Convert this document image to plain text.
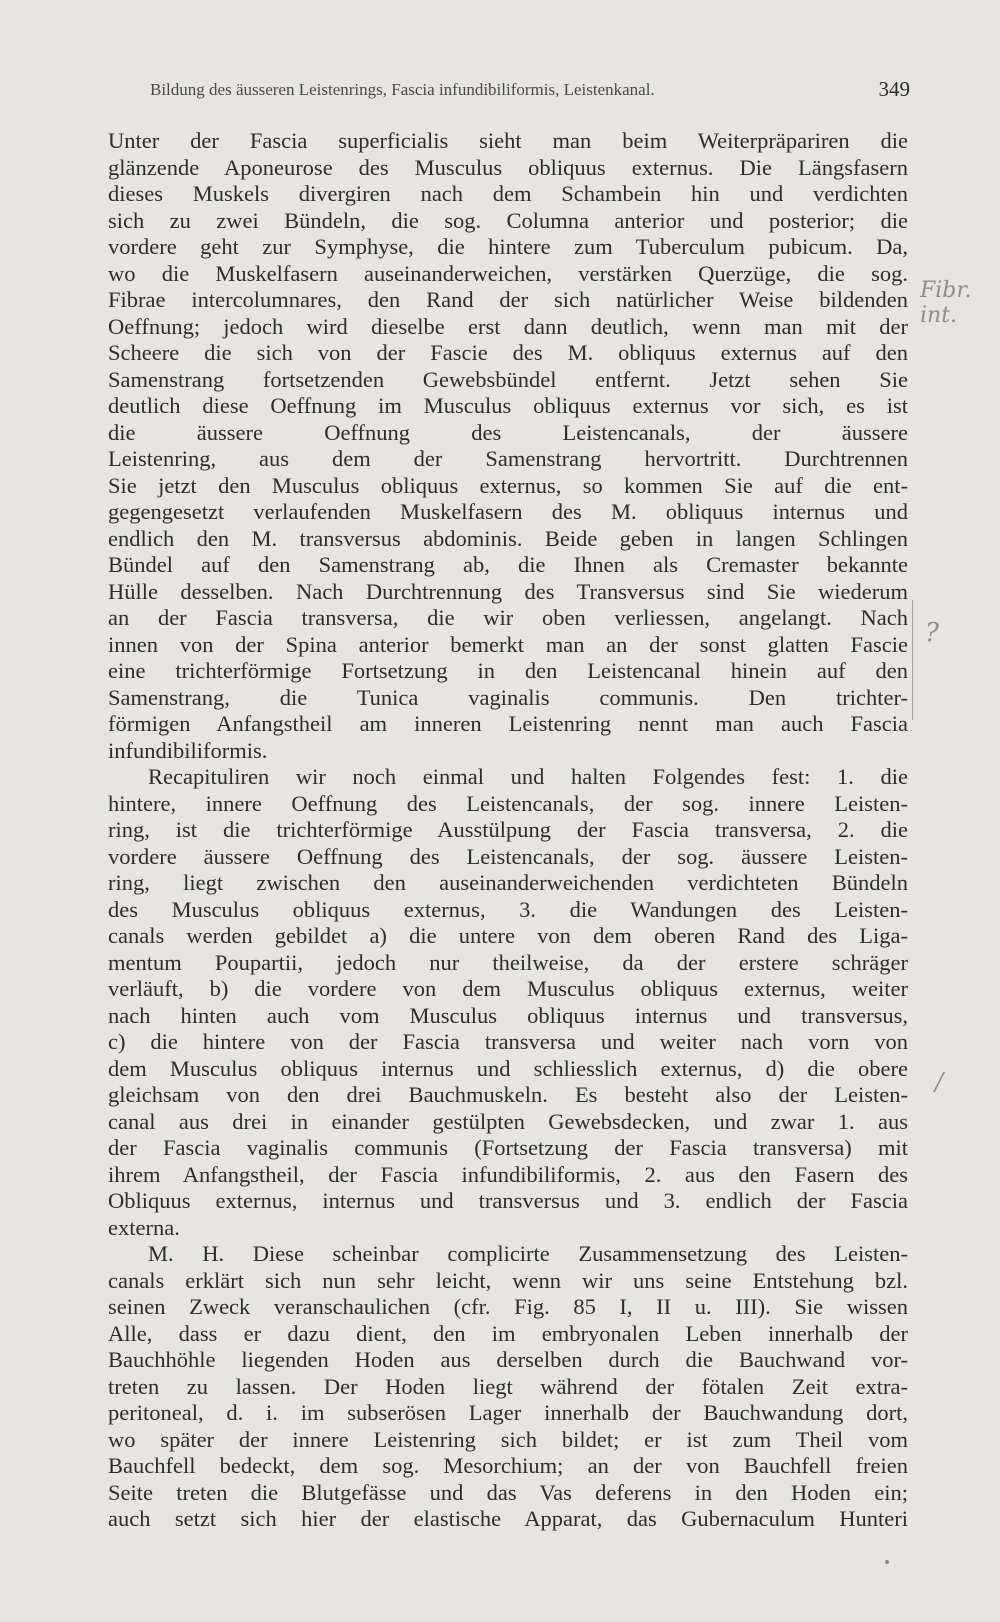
Bildung des äusseren Leistenrings, Fascia infundibiliformis, Leistenkanal.	349
Unter der Fascia superficialis sieht man beim Weiterpräpariren die
glänzende Aponeurose des Musculus obliquus externus. Die Längsfasern
dieses Muskels divergiren nach dem Schambein hin und verdichten
sich zu zwei Bündeln, die sog. Columna anterior und posterior; die
vordere geht zur Symphyse, die hintere zum Tuberculum pubicum. Da,
wo die Muskelfasern auseinanderweichen, verstärken Querzüge, die sog.
Fibrae intercolumnares, den Rand der sich natürlicher Weise bildenden
Oeffnung; jedoch wird dieselbe erst dann deutlich, wenn man mit der
Scheere die sich von der Fascie des M. obliquus externus auf den
Samenstrang fortsetzenden Gewebsbündel entfernt. Jetzt sehen Sie
deutlich diese Oeffnung im Musculus obliquus externus vor sich, es ist
die äussere Oeffnung des Leistencanals, der äussere
Leistenring, aus dem der Samenstrang hervortritt. Durchtrennen
Sie jetzt den Musculus obliquus externus, so kommen Sie auf die ent-
gegengesetzt verlaufenden Muskelfasern des M. obliquus internus und
endlich den M. transversus abdominis. Beide geben in langen Schlingen
Bündel auf den Samenstrang ab, die Ihnen als Cremaster bekannte
Hülle desselben. Nach Durchtrennung des Transversus sind Sie wiederum
an der Fascia transversa, die wir oben verliessen, angelangt. Nach
innen von der Spina anterior bemerkt man an der sonst glatten Fascie
eine trichterförmige Fortsetzung in den Leistencanal hinein auf den
Samenstrang, die Tunica vaginalis communis. Den trichter-
förmigen Anfangstheil am inneren Leistenring nennt man auch Fascia
infundibiliformis.
Recapituliren wir noch einmal und halten Folgendes fest: 1. die
hintere, innere Oeffnung des Leistencanals, der sog. innere Leisten-
ring, ist die trichterförmige Ausstülpung der Fascia transversa, 2. die
vordere äussere Oeffnung des Leistencanals, der sog. äussere Leisten-
ring, liegt zwischen den auseinanderweichenden verdichteten Bündeln
des Musculus obliquus externus, 3. die Wandungen des Leisten-
canals werden gebildet a) die untere von dem oberen Rand des Liga-
mentum Poupartii, jedoch nur theilweise, da der erstere schräger
verläuft, b) die vordere von dem Musculus obliquus externus, weiter
nach hinten auch vom Musculus obliquus internus und transversus,
c) die hintere von der Fascia transversa und weiter nach vorn von
dem Musculus obliquus internus und schliesslich externus, d) die obere
gleichsam von den drei Bauchmuskeln. Es besteht also der Leisten-
canal aus drei in einander gestülpten Gewebsdecken, und zwar 1. aus
der Fascia vaginalis communis (Fortsetzung der Fascia transversa) mit
ihrem Anfangstheil, der Fascia infundibiliformis, 2. aus den Fasern des
Obliquus externus, internus und transversus und 3. endlich der Fascia
externa.
M. H. Diese scheinbar complicirte Zusammensetzung des Leisten-
canals erklärt sich nun sehr leicht, wenn wir uns seine Entstehung bzl.
seinen Zweck veranschaulichen (cfr. Fig. 85 I, II u. III). Sie wissen
Alle, dass er dazu dient, den im embryonalen Leben innerhalb der
Bauchhöhle liegenden Hoden aus derselben durch die Bauchwand vor-
treten zu lassen. Der Hoden liegt während der fötalen Zeit extra-
peritoneal, d. i. im subserösen Lager innerhalb der Bauchwandung dort,
wo später der innere Leistenring sich bildet; er ist zum Theil vom
Bauchfell bedeckt, dem sog. Mesorchium; an der von Bauchfell freien
Seite treten die Blutgefässe und das Vas deferens in den Hoden ein;
auch setzt sich hier der elastische Apparat, das Gubernaculum Hunteri
Fibr. int.
?
/
